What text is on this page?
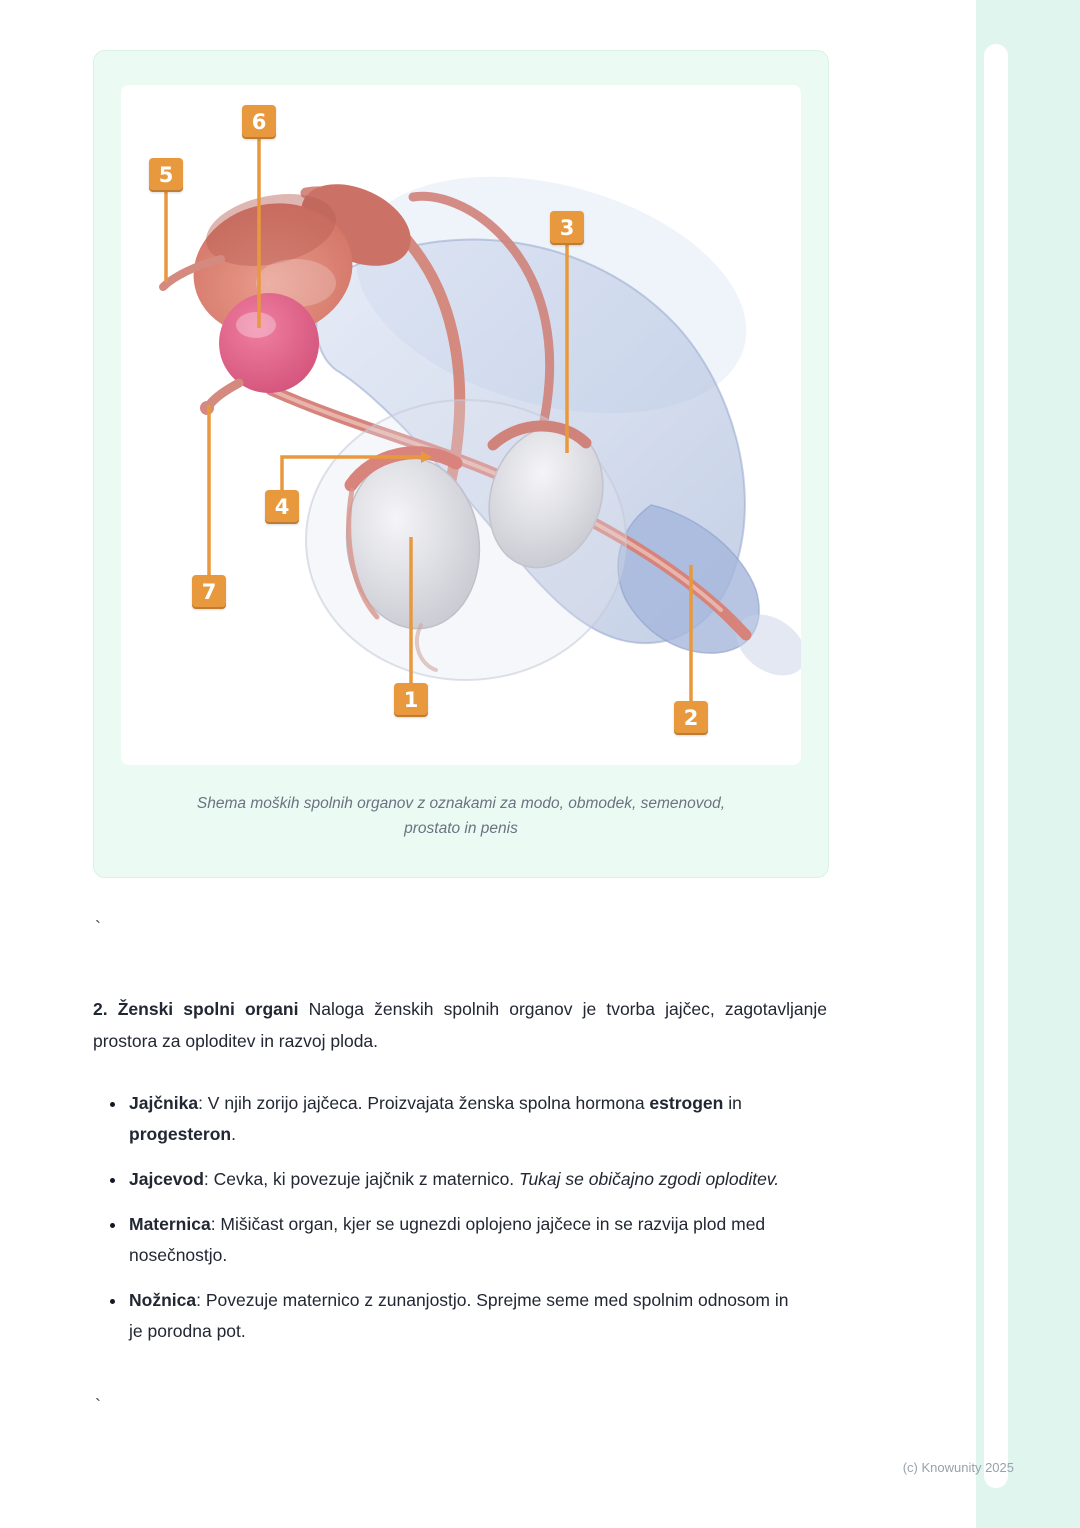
1
2
3
4
5
6
7
Shema moških spolnih organov z oznakami za modo, obmodek, semenovod, prostato in penis
`

2. Ženski spolni organi Naloga ženskih spolnih organov je tvorba jajčec, zagotavljanje prostora za oploditev in razvoj ploda.

• Jajčnika: V njih zorijo jajčeca. Proizvajata ženska spolna hormona estrogen in progesteron.
• Jajcevod: Cevka, ki povezuje jajčnik z maternico. Tukaj se običajno zgodi oploditev.
• Maternica: Mišičast organ, kjer se ugnezdi oplojeno jajčece in se razvija plod med nosečnostjo.
• Nožnica: Povezuje maternico z zunanjostjo. Sprejme seme med spolnim odnosom in je porodna pot.
`
(c) Knowunity 2025
